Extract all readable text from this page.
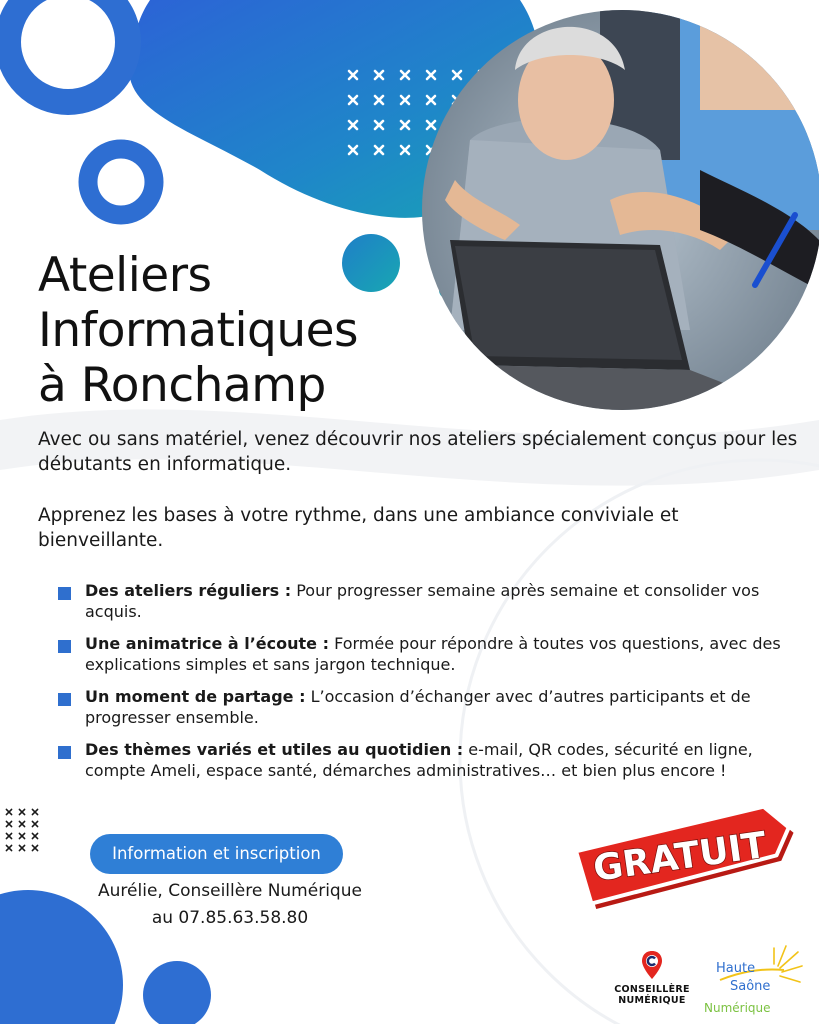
Ateliers
Informatiques
à Ronchamp

Avec ou sans matériel, venez découvrir nos ateliers spécialement conçus pour les débutants en informatique.

Apprenez les bases à votre rythme, dans une ambiance conviviale et bienveillante.

Des ateliers réguliers : Pour progresser semaine après semaine et consolider vos acquis.
Une animatrice à l’écoute : Formée pour répondre à toutes vos questions, avec des explications simples et sans jargon technique.
Un moment de partage : L’occasion d’échanger avec d’autres participants et de progresser ensemble.
Des thèmes variés et utiles au quotidien : e-mail, QR codes, sécurité en ligne, compte Ameli, espace santé, démarches administratives… et bien plus encore !
Information et inscription
Aurélie, Conseillère Numérique
au 07.85.63.58.80
GRATUIT
CONSEILLÈRE
NUMÉRIQUE
Haute
Saône
Numérique
